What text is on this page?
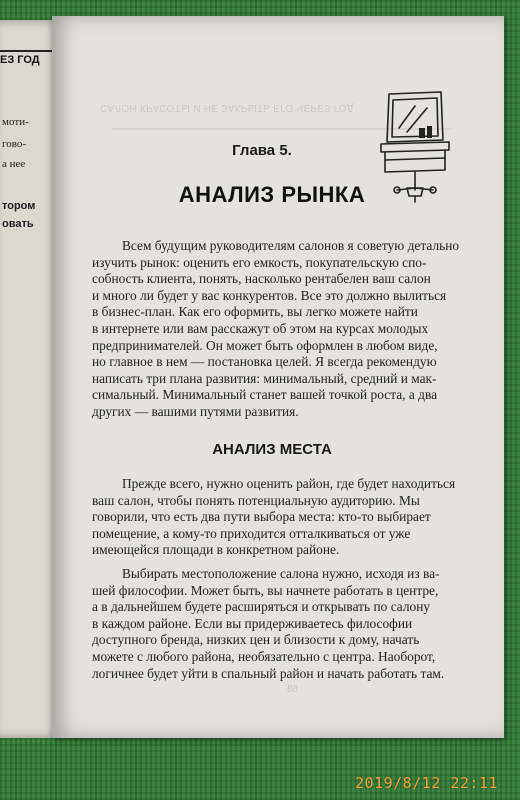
ЕЗ ГОД
мoти-
гово-
а нее
тором
овать
САЛОН КРАСОТЫ И НЕ ЗАКРЫТЬ ЕГО ЧЕРЕЗ ГОД
Глава 5.
АНАЛИЗ РЫНКА
Всем будущим руководителям салонов я советую детально
изучить рынок: оценить его емкость, покупательскую спо-
собность клиента, понять, насколько рентабелен ваш салон
и много ли будет у вас конкурентов. Все это должно вылиться
в бизнес-план. Как его оформить, вы легко можете найти
в интернете или вам расскажут об этом на курсах молодых
предпринимателей. Он может быть оформлен в любом виде,
но главное в нем — постановка целей. Я всегда рекомендую
написать три плана развития: минимальный, средний и мак-
симальный. Минимальный станет вашей точкой роста, а два
других — вашими путями развития.
АНАЛИЗ МЕСТА
Прежде всего, нужно оценить район, где будет находиться
ваш салон, чтобы понять потенциальную аудиторию. Мы
говорили, что есть два пути выбора места: кто-то выбирает
помещение, а кому-то приходится отталкиваться от уже
имеющейся площади в конкретном районе.
Выбирать местоположение салона нужно, исходя из ва-
шей философии. Может быть, вы начнете работать в центре,
а в дальнейшем будете расширяться и открывать по салону
в каждом районе. Если вы придерживаетесь философии
доступного бренда, низких цен и близости к дому, начать
можете с любого района, необязательно с центра. Наоборот,
логичнее будет уйти в спальный район и начать работать там.
68
2019/8/12 22:11
